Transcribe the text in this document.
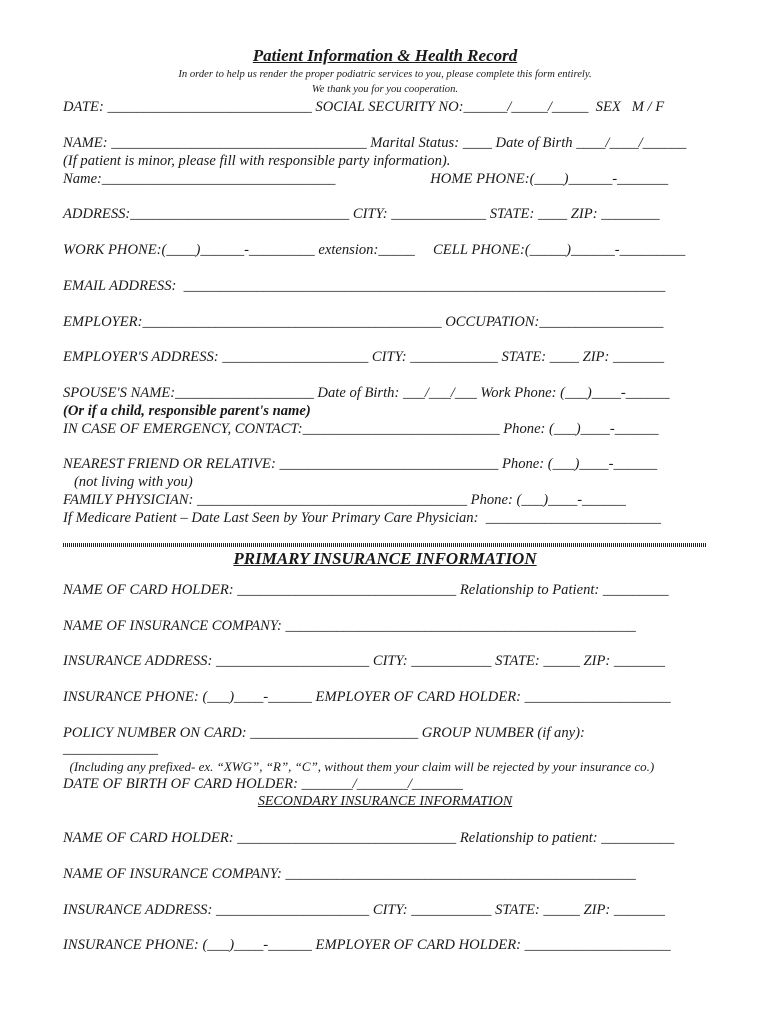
Patient Information & Health Record
In order to help us render the proper podiatric services to you, please complete this form entirely.
We thank you for you cooperation.
DATE: ____________________________ SOCIAL SECURITY NO:______/_____/_____  SEX   M / F
NAME: ___________________________________ Marital Status: ____ Date of Birth ____/____/______
(If patient is minor, please fill with responsible party information).
Name:________________________________                          HOME PHONE:(____)______-_______
ADDRESS:______________________________ CITY: _____________ STATE: ____ ZIP: ________
WORK PHONE:(____)______-_________ extension:_____     CELL PHONE:(_____)______-_________
EMAIL ADDRESS:  __________________________________________________________________
EMPLOYER:_________________________________________ OCCUPATION:_________________
EMPLOYER'S ADDRESS: ____________________ CITY: ____________ STATE: ____ ZIP: _______
SPOUSE'S NAME:___________________ Date of Birth: ___/___/___ Work Phone: (___)____-______
(Or if a child, responsible parent's name)
IN CASE OF EMERGENCY, CONTACT:___________________________ Phone: (___)____-______
NEAREST FRIEND OR RELATIVE: ______________________________ Phone: (___)____-______
(not living with you)
FAMILY PHYSICIAN: _____________________________________ Phone: (___)____-______
If Medicare Patient – Date Last Seen by Your Primary Care Physician:  ________________________
PRIMARY INSURANCE INFORMATION
NAME OF CARD HOLDER: ______________________________ Relationship to Patient: _________
NAME OF INSURANCE COMPANY: ________________________________________________
INSURANCE ADDRESS: _____________________ CITY: ___________ STATE: _____ ZIP: _______
INSURANCE PHONE: (___)____-______ EMPLOYER OF CARD HOLDER: ____________________
POLICY NUMBER ON CARD: _______________________ GROUP NUMBER (if any):
_____________
(Including any prefixed- ex. “XWG”, “R”, “C”, without them your claim will be rejected by your insurance co.)
DATE OF BIRTH OF CARD HOLDER: _______/_______/_______
SECONDARY INSURANCE INFORMATION
NAME OF CARD HOLDER: ______________________________ Relationship to patient: __________
NAME OF INSURANCE COMPANY: ________________________________________________
INSURANCE ADDRESS: _____________________ CITY: ___________ STATE: _____ ZIP: _______
INSURANCE PHONE: (___)____-______ EMPLOYER OF CARD HOLDER: ____________________
